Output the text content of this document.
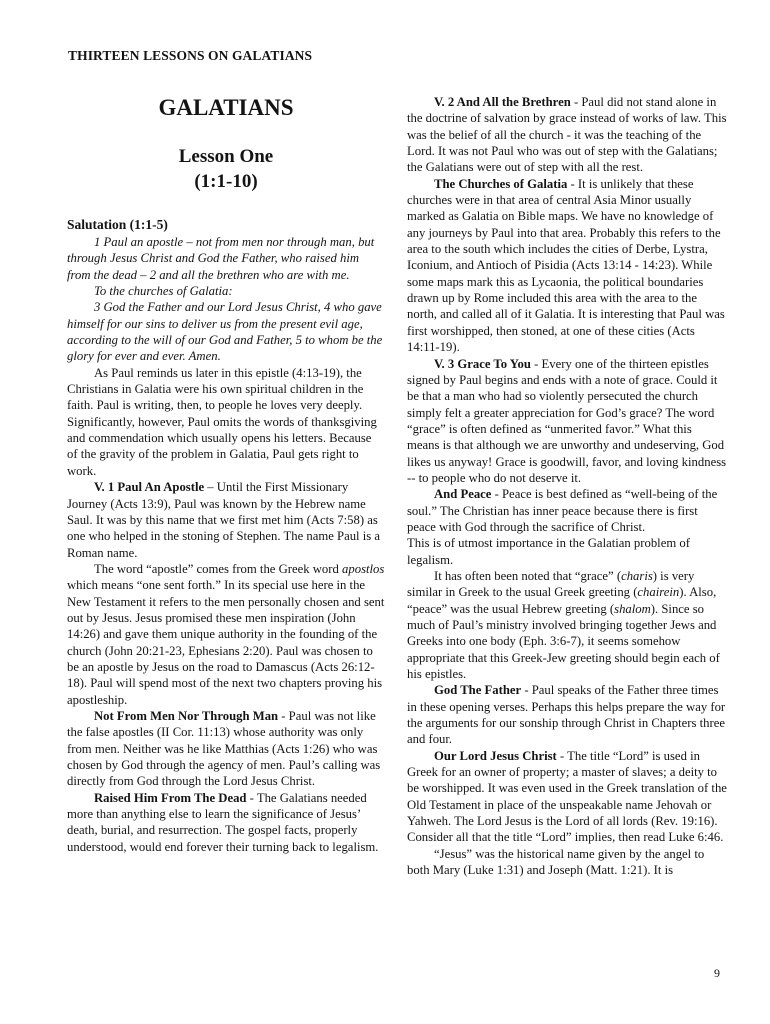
THIRTEEN LESSONS ON GALATIANS
GALATIANS
Lesson One
(1:1-10)
Salutation (1:1-5)

1 Paul an apostle – not from men nor through man, but through Jesus Christ and God the Father, who raised him from the dead – 2 and all the brethren who are with me.

To the churches of Galatia:

3 God the Father and our Lord Jesus Christ, 4 who gave himself for our sins to deliver us from the present evil age, according to the will of our God and Father, 5 to whom be the glory for ever and ever. Amen.

As Paul reminds us later in this epistle (4:13-19), the Christians in Galatia were his own spiritual children in the faith. Paul is writing, then, to people he loves very deeply. Significantly, however, Paul omits the words of thanksgiving and commendation which usually opens his letters. Because of the gravity of the problem in Galatia, Paul gets right to work.

V. 1 Paul An Apostle – Until the First Missionary Journey (Acts 13:9), Paul was known by the Hebrew name Saul. It was by this name that we first met him (Acts 7:58) as one who helped in the stoning of Stephen. The name Paul is a Roman name.

The word “apostle” comes from the Greek word apostlos which means “one sent forth.” In its special use here in the New Testament it refers to the men personally chosen and sent out by Jesus. Jesus promised these men inspiration (John 14:26) and gave them unique authority in the founding of the church (John 20:21-23, Ephesians 2:20). Paul was chosen to be an apostle by Jesus on the road to Damascus (Acts 26:12-18). Paul will spend most of the next two chapters proving his apostleship.

Not From Men Nor Through Man - Paul was not like the false apostles (II Cor. 11:13) whose authority was only from men. Neither was he like Matthias (Acts 1:26) who was chosen by God through the agency of men. Paul’s calling was directly from God through the Lord Jesus Christ.

Raised Him From The Dead - The Galatians needed more than anything else to learn the significance of Jesus’ death, burial, and resurrection. The gospel facts, properly understood, would end forever their turning back to legalism.

V. 2 And All the Brethren - Paul did not stand alone in the doctrine of salvation by grace instead of works of law. This was the belief of all the church - it was the teaching of the Lord. It was not Paul who was out of step with the Galatians; the Galatians were out of step with all the rest.

The Churches of Galatia - It is unlikely that these churches were in that area of central Asia Minor usually marked as Galatia on Bible maps. We have no knowledge of any journeys by Paul into that area. Probably this refers to the area to the south which includes the cities of Derbe, Lystra, Iconium, and Antioch of Pisidia (Acts 13:14 - 14:23). While some maps mark this as Lycaonia, the political boundaries drawn up by Rome included this area with the area to the north, and called all of it Galatia. It is interesting that Paul was first worshipped, then stoned, at one of these cities (Acts 14:11-19).

V. 3 Grace To You - Every one of the thirteen epistles signed by Paul begins and ends with a note of grace. Could it be that a man who had so violently persecuted the church simply felt a greater appreciation for God’s grace? The word “grace” is often defined as “unmerited favor.” What this means is that although we are unworthy and undeserving, God likes us anyway! Grace is goodwill, favor, and loving kindness -- to people who do not deserve it.

And Peace - Peace is best defined as “well-being of the soul.” The Christian has inner peace because there is first peace with God through the sacrifice of Christ.

This is of utmost importance in the Galatian problem of legalism.

It has often been noted that “grace” (charis) is very similar in Greek to the usual Greek greeting (chairein). Also, “peace” was the usual Hebrew greeting (shalom). Since so much of Paul’s ministry involved bringing together Jews and Greeks into one body (Eph. 3:6-7), it seems somehow appropriate that this Greek-Jew greeting should begin each of his epistles.

God The Father - Paul speaks of the Father three times in these opening verses. Perhaps this helps prepare the way for the arguments for our sonship through Christ in Chapters three and four.

Our Lord Jesus Christ - The title “Lord” is used in Greek for an owner of property; a master of slaves; a deity to be worshipped. It was even used in the Greek translation of the Old Testament in place of the unspeakable name Jehovah or Yahweh. The Lord Jesus is the Lord of all lords (Rev. 19:16). Consider all that the title “Lord” implies, then read Luke 6:46.

“Jesus” was the historical name given by the angel to both Mary (Luke 1:31) and Joseph (Matt. 1:21). It is

9
